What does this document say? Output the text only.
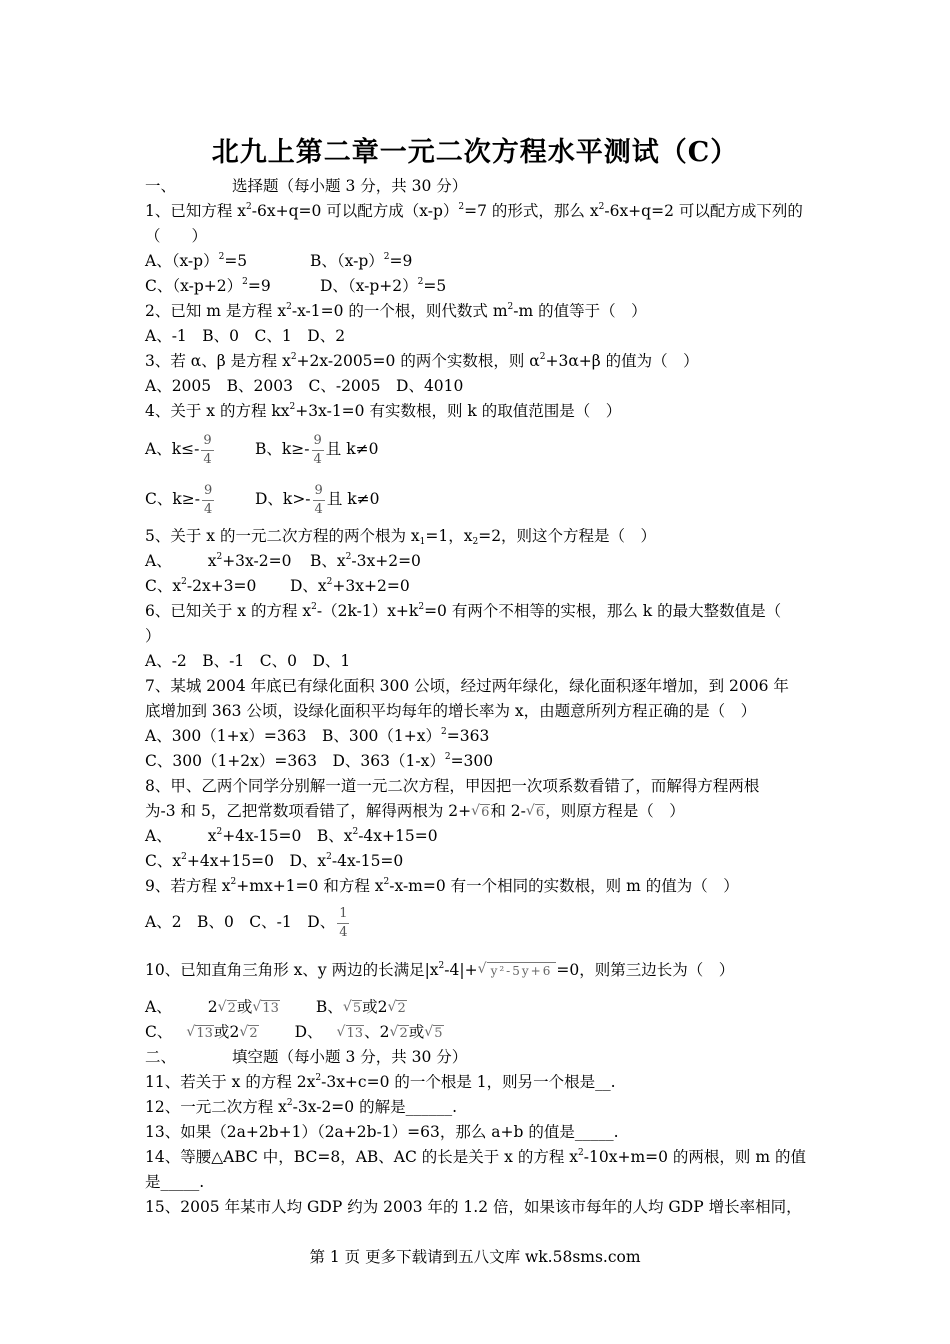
北九上第二章一元二次方程水平测试（C）
一、	选择题（每小题 3 分，共 30 分）
1、已知方程 $x^2-6x+q=0$ 可以配方成$(x-p)^2=7$ 的形式，那么 $x^2-6x+q=2$ 可以配方成下列的
（　　）
A、$(x-p)^2=5$	B、$(x-p)^2=9$
C、$(x-p+2)^2=9$	D、$(x-p+2)^2=5$
2、已知 m 是方程 $x^2-x-1=0$ 的一个根，则代数式 $m^2-m$ 的值等于（　）
A、-1　B、0　C、1　D、2
3、若 α、β 是方程 $x^2+2x-2005=0$ 的两个实数根，则 $\alpha^2+3\alpha+\beta$ 的值为（　）
A、2005　B、2003　C、-2005　D、4010
4、关于 x 的方程 $kx^2+3x-1=0$ 有实数根，则 k 的取值范围是（　）
A、$k\le- \frac{9}{4}$	B、$k\ge- \frac{9}{4}$ 且 k≠0
C、$k\ge- \frac{9}{4}$	D、$k>- \frac{9}{4}$ 且 k≠0
5、关于 x 的一元二次方程的两个根为 $x_1=1$，$x_2=2$，则这个方程是（　）
A、 $x^2+3x-2=0$ B、$x^2-3x+2=0$
C、$x^2-2x+3=0$ D、$x^2+3x+2=0$
6、已知关于 x 的方程 $x^2-(2k-1)x+k^2=0$ 有两个不相等的实根，那么 k 的最大整数值是（
）
A、-2　B、-1　C、0　D、1
7、某城 2004 年底已有绿化面积 300 公顷，经过两年绿化，绿化面积逐年增加，到 2006 年
底增加到 363 公顷，设绿化面积平均每年的增长率为 x，由题意所列方程正确的是（　）
A、300（1+x）=363　B、$300(1+x)^2=363$
C、300（1+2x）=363　D、$363(1-x)^2=300$
8、甲、乙两个同学分别解一道一元二次方程，甲因把一次项系数看错了，而解得方程两根
为-3 和 5，乙把常数项看错了，解得两根为 2+√ 6和 2-√ 6，则原方程是（　）
A、 $x^2+4x-15=0$　B、$x^2-4x+15=0$
C、$x^2+4x+15=0$　D、$x^2-4x-15=0$
9、若方程 $x^2+mx+1=0$ 和方程 $x^2-x-m=0$ 有一个相同的实数根，则 m 的值为（　）
A、2　B、0　C、-1　D、 $\frac{1}{4}$
10、已知直角三角形 x、y 两边的长满足$|x^2-4|+√$ y²-5y+6 =0，则第三边长为（　）
A、 2√ 2或√ 13 B、√ 5或2√ 2
C、√ 13或2√ 2 D、√ 13、2√ 2或√ 5
二、	填空题（每小题 3 分，共 30 分）
11、若关于 x 的方程 $2x^2-3x+c=0$ 的一个根是 1，则另一个根是__.
12、一元二次方程 $x^2-3x-2=0$ 的解是______.
13、如果（2a+2b+1）（2a+2b-1）=63，那么 a+b 的值是_____.
14、等腰△ABC 中，BC=8，AB、AC 的长是关于 x 的方程 $x^2-10x+m=0$ 的两根，则 m 的值
是_____.
15、2005 年某市人均 GDP 约为 2003 年的 1.2 倍，如果该市每年的人均 GDP 增长率相同，
第 1 页 更多下载请到五八文库 wk.58sms.com
